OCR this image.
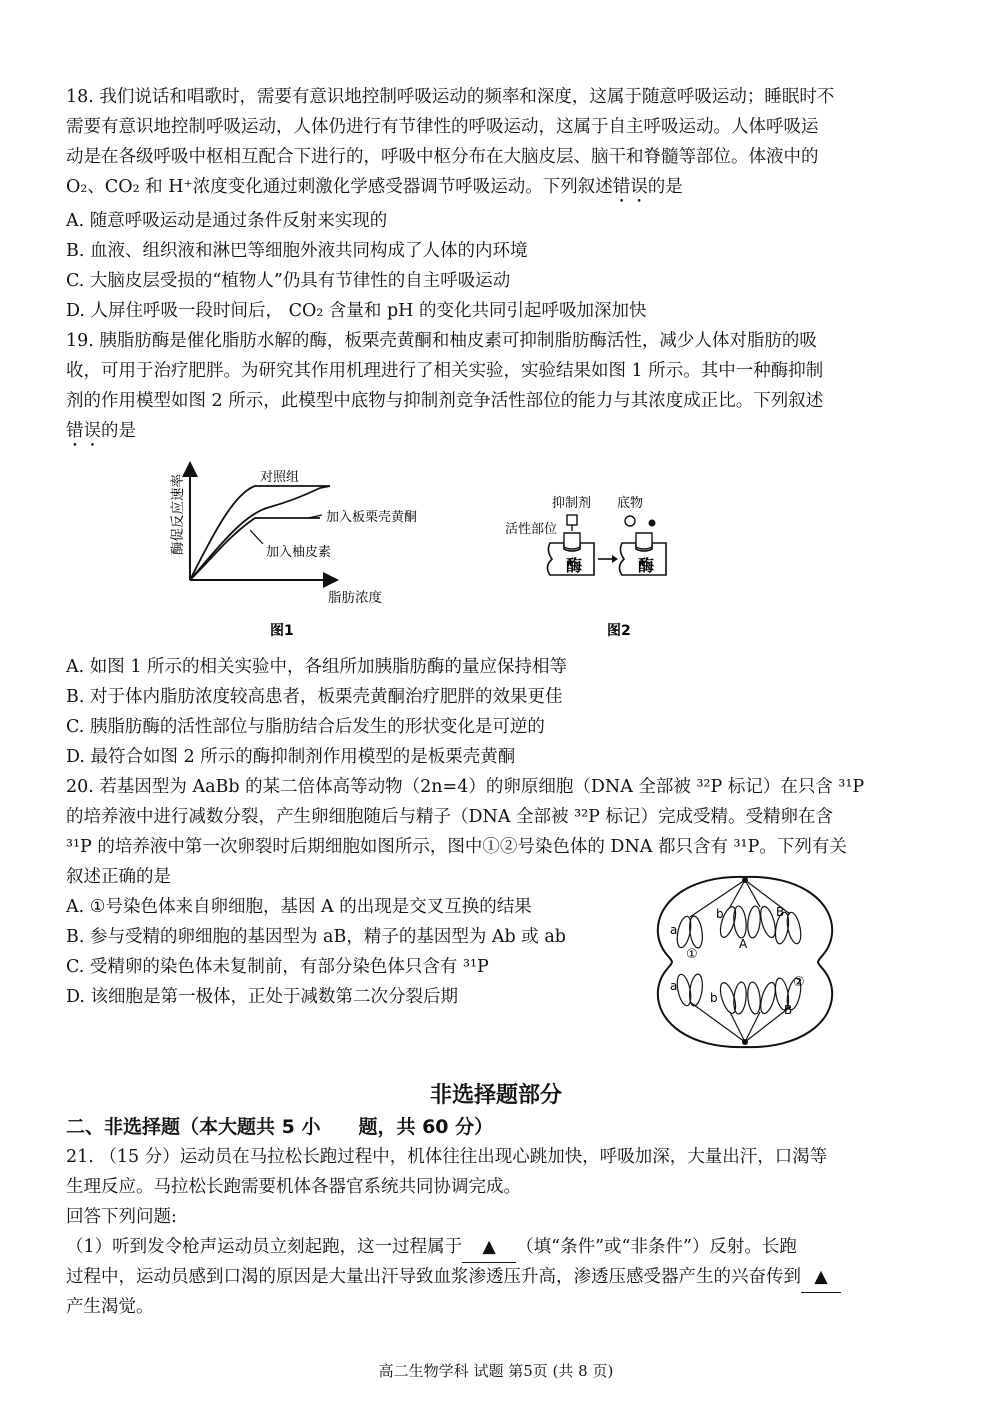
18. 我们说话和唱歌时，需要有意识地控制呼吸运动的频率和深度，这属于随意呼吸运动；睡眠时不
需要有意识地控制呼吸运动，人体仍进行有节律性的呼吸运动，这属于自主呼吸运动。人体呼吸运
动是在各级呼吸中枢相互配合下进行的，呼吸中枢分布在大脑皮层、脑干和脊髓等部位。体液中的
O₂、CO₂ 和 H⁺浓度变化通过刺激化学感受器调节呼吸运动。下列叙述错误的是
A. 随意呼吸运动是通过条件反射来实现的
B. 血液、组织液和淋巴等细胞外液共同构成了人体的内环境
C. 大脑皮层受损的“植物人”仍具有节律性的自主呼吸运动
D. 人屏住呼吸一段时间后， CO₂ 含量和 pH 的变化共同引起呼吸加深加快
19. 胰脂肪酶是催化脂肪水解的酶，板栗壳黄酮和柚皮素可抑制脂肪酶活性，减少人体对脂肪的吸
收，可用于治疗肥胖。为研究其作用机理进行了相关实验，实验结果如图 1 所示。其中一种酶抑制
剂的作用模型如图 2 所示，此模型中底物与抑制剂竞争活性部位的能力与其浓度成正比。下列叙述
错误的是
酶促反应速率
脂肪浓度
对照组
加入板栗壳黄酮
加入柚皮素
图1
抑制剂 底物
活性部位
酶	酶
图2
A. 如图 1 所示的相关实验中，各组所加胰脂肪酶的量应保持相等
B. 对于体内脂肪浓度较高患者，板栗壳黄酮治疗肥胖的效果更佳
C. 胰脂肪酶的活性部位与脂肪结合后发生的形状变化是可逆的
D. 最符合如图 2 所示的酶抑制剂作用模型的是板栗壳黄酮
20. 若基因型为 AaBb 的某二倍体高等动物（2n=4）的卵原细胞（DNA 全部被 ³²P 标记）在只含 ³¹P
的培养液中进行减数分裂，产生卵细胞随后与精子（DNA 全部被 ³²P 标记）完成受精。受精卵在含
³¹P 的培养液中第一次卵裂时后期细胞如图所示，图中①②号染色体的 DNA 都只含有 ³¹P。下列有关
叙述正确的是
A. ①号染色体来自卵细胞，基因 A 的出现是交叉互换的结果
B. 参与受精的卵细胞的基因型为 aB，精子的基因型为 Ab 或 ab
C. 受精卵的染色体未复制前，有部分染色体只含有 ³¹P
D. 该细胞是第一极体，正处于减数第二次分裂后期
a
b	B
A
①
a
b
B
②
非选择题部分
二、非选择题（本大题共 5 小　　题，共 60 分）
21. （15 分）运动员在马拉松长跑过程中，机体往往出现心跳加快，呼吸加深，大量出汗，口渴等
生理反应。马拉松长跑需要机体各器官系统共同协调完成。
回答下列问题:
（1）听到发令枪声运动员立刻起跑，这一过程属于 ▲ （填“条件”或“非条件”）反射。长跑
过程中，运动员感到口渴的原因是大量出汗导致血浆渗透压升高，渗透压感受器产生的兴奋传到 ▲
产生渴觉。
高二生物学科 试题 第5页 (共 8 页)
